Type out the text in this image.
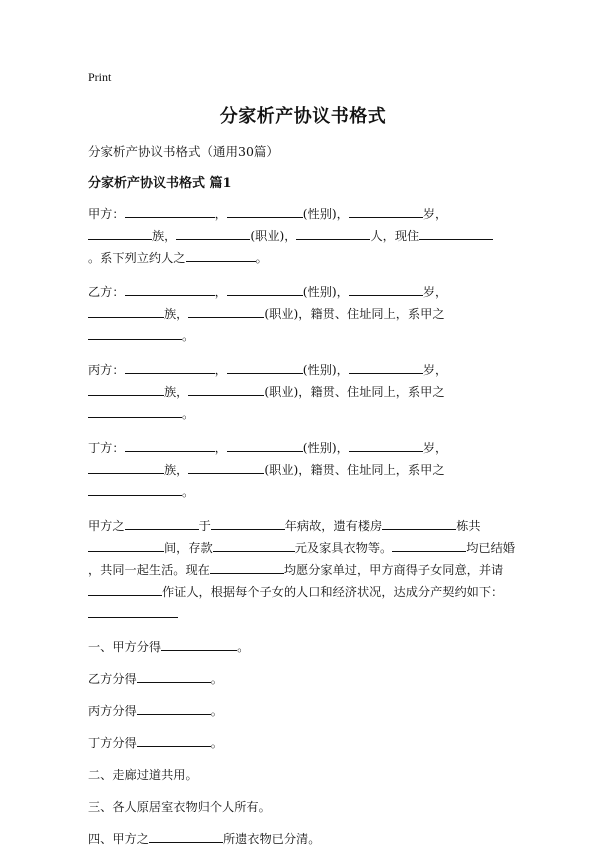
Print
分家析产协议书格式
分家析产协议书格式（通用30篇）
分家析产协议书格式 篇1
甲方：	，	(性别)，	岁，
族，	(职业)，	人，现住
。系下列立约人之	。
乙方：	，	(性别)，	岁，
族，	(职业)，籍贯、住址同上，系甲之
。
丙方：	，	(性别)，	岁，
族，	(职业)，籍贯、住址同上，系甲之
。
丁方：	，	(性别)，	岁，
族，	(职业)，籍贯、住址同上，系甲之
。
甲方之	于	年病故，遗有楼房	栋共
间，存款	元及家具衣物等。	均已结婚
，共同一起生活。现在	均愿分家单过，甲方商得子女同意，并请
作证人，根据每个子女的人口和经济状况，达成分产契约如下：
一、甲方分得	。
乙方分得	。
丙方分得	。
丁方分得	。
二、走廊过道共用。
三、各人原居室衣物归个人所有。
四、甲方之	所遗衣物已分清。
